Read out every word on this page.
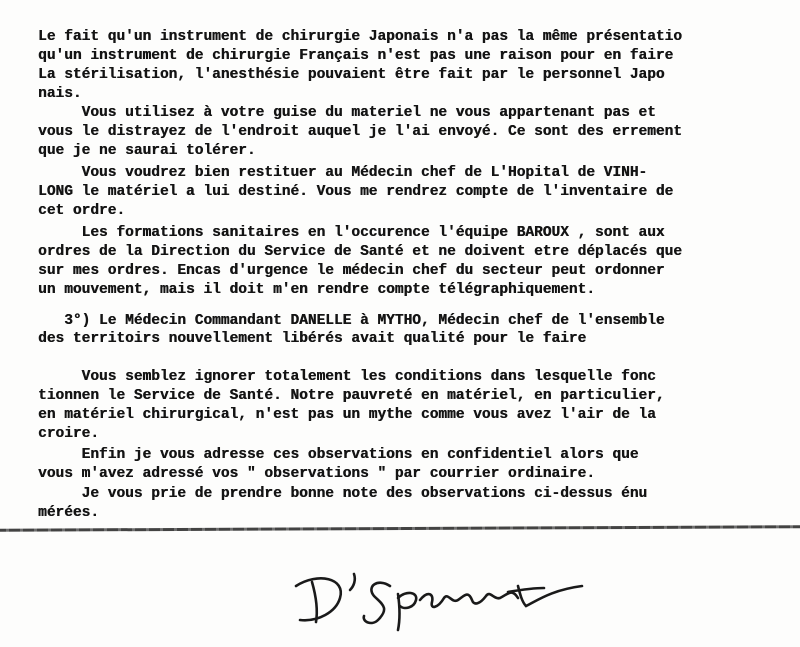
Le fait qu'un instrument de chirurgie Japonais n'a pas la même présentatio

qu'un instrument de chirurgie Français n'est pas une raison pour en faire

La stérilisation, l'anesthésie pouvaient être fait par le personnel Japo

nais.

Vous utilisez à votre guise du materiel ne vous appartenant pas et

vous le distrayez de l'endroit auquel je l'ai envoyé. Ce sont des errement

que je ne saurai tolérer.

Vous voudrez bien restituer au Médecin chef de L'Hopital de VINH-

LONG le matériel a lui destiné. Vous me rendrez compte de l'inventaire de

cet ordre.

Les formations sanitaires en l'occurence l'équipe BAROUX , sont aux

ordres de la Direction du Service de Santé et ne doivent etre déplacés que

sur mes ordres. Encas d'urgence le médecin chef du secteur peut ordonner

un mouvement, mais il doit m'en rendre compte télégraphiquement.

3°) Le Médecin Commandant DANELLE à MYTHO, Médecin chef de l'ensemble

des territoirs nouvellement libérés avait qualité pour le faire

Vous semblez ignorer totalement les conditions dans lesquelle fonc

tionnen le Service de Santé. Notre pauvreté en matériel, en particulier,

en matériel chirurgical, n'est pas un mythe comme vous avez l'air de la

croire.

Enfin je vous adresse ces observations en confidentiel alors que

vous m'avez adressé vos " observations " par courrier ordinaire.

Je vous prie de prendre bonne note des observations ci-dessus énu

mérées.
